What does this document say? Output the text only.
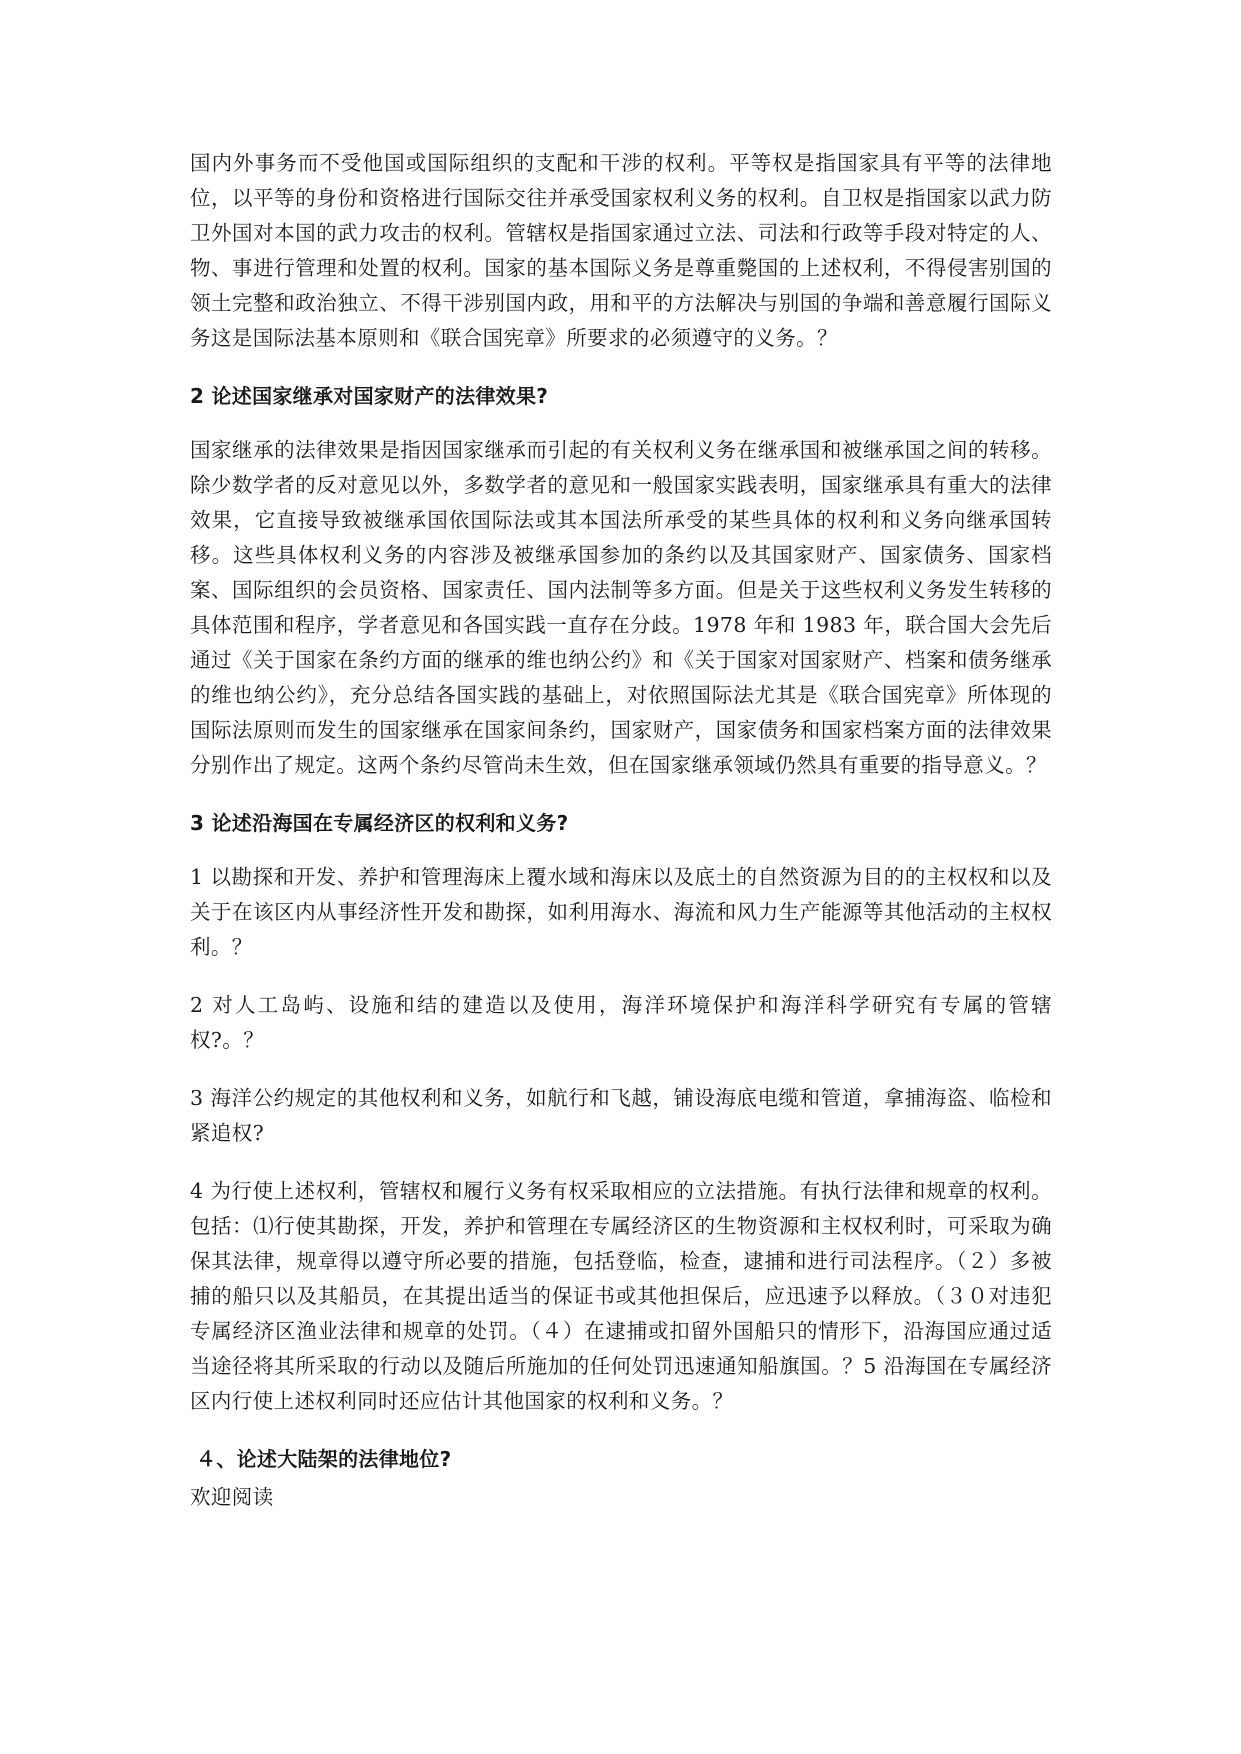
国内外事务而不受他国或国际组织的支配和干涉的权利。平等权是指国家具有平等的法律地位，以平等的身份和资格进行国际交往并承受国家权利义务的权利。自卫权是指国家以武力防卫外国对本国的武力攻击的权利。管辖权是指国家通过立法、司法和行政等手段对特定的人、物、事进行管理和处置的权利。国家的基本国际义务是尊重斃国的上述权利，不得侵害别国的领土完整和政治独立、不得干涉别国内政，用和平的方法解决与别国的争端和善意履行国际义务这是国际法基本原则和《联合国宪章》所要求的必须遵守的义务。？

2 论述国家继承对国家财产的法律效果?

国家继承的法律效果是指因国家继承而引起的有关权利义务在继承国和被继承国之间的转移。除少数学者的反对意见以外，多数学者的意见和一般国家实践表明，国家继承具有重大的法律效果，它直接导致被继承国依国际法或其本国法所承受的某些具体的权利和义务向继承国转移。这些具体权利义务的内容涉及被继承国参加的条约以及其国家财产、国家债务、国家档案、国际组织的会员资格、国家责任、国内法制等多方面。但是关于这些权利义务发生转移的具体范围和程序，学者意见和各国实践一直存在分歧。1978 年和 1983 年，联合国大会先后通过《关于国家在条约方面的继承的维也纳公约》和《关于国家对国家财产、档案和债务继承的维也纳公约》，充分总结各国实践的基础上，对依照国际法尤其是《联合国宪章》所体现的国际法原则而发生的国家继承在国家间条约，国家财产，国家债务和国家档案方面的法律效果分别作出了规定。这两个条约尽管尚未生效，但在国家继承领域仍然具有重要的指导意义。？

3 论述沿海国在专属经济区的权利和义务?

1 以勘探和开发、养护和管理海床上覆水域和海床以及底土的自然资源为目的的主权权和以及关于在该区内从事经济性开发和勘探，如利用海水、海流和风力生产能源等其他活动的主权权利。？

2 对人工岛屿、设施和结的建造以及使用，海洋环境保护和海洋科学研究有专属的管辖权?。？

3 海洋公约规定的其他权利和义务，如航行和飞越，铺设海底电缆和管道，拿捕海盗、临检和紧追权?

4 为行使上述权利，管辖权和履行义务有权采取相应的立法措施。有执行法律和规章的权利。包括：⑴行使其勘探，开发，养护和管理在专属经济区的生物资源和主权权利时，可采取为确保其法律，规章得以遵守所必要的措施，包括登临，检查，逮捕和进行司法程序。（２）多被捕的船只以及其船员，在其提出适当的保证书或其他担保后，应迅速予以释放。（３０对违犯专属经济区渔业法律和规章的处罚。（４）在逮捕或扣留外国船只的情形下，沿海国应通过适当途径将其所采取的行动以及随后所施加的任何处罚迅速通知船旗国。？5 沿海国在专属经济区内行使上述权利同时还应估计其他国家的权利和义务。？

４、论述大陆架的法律地位?

欢迎阅读
